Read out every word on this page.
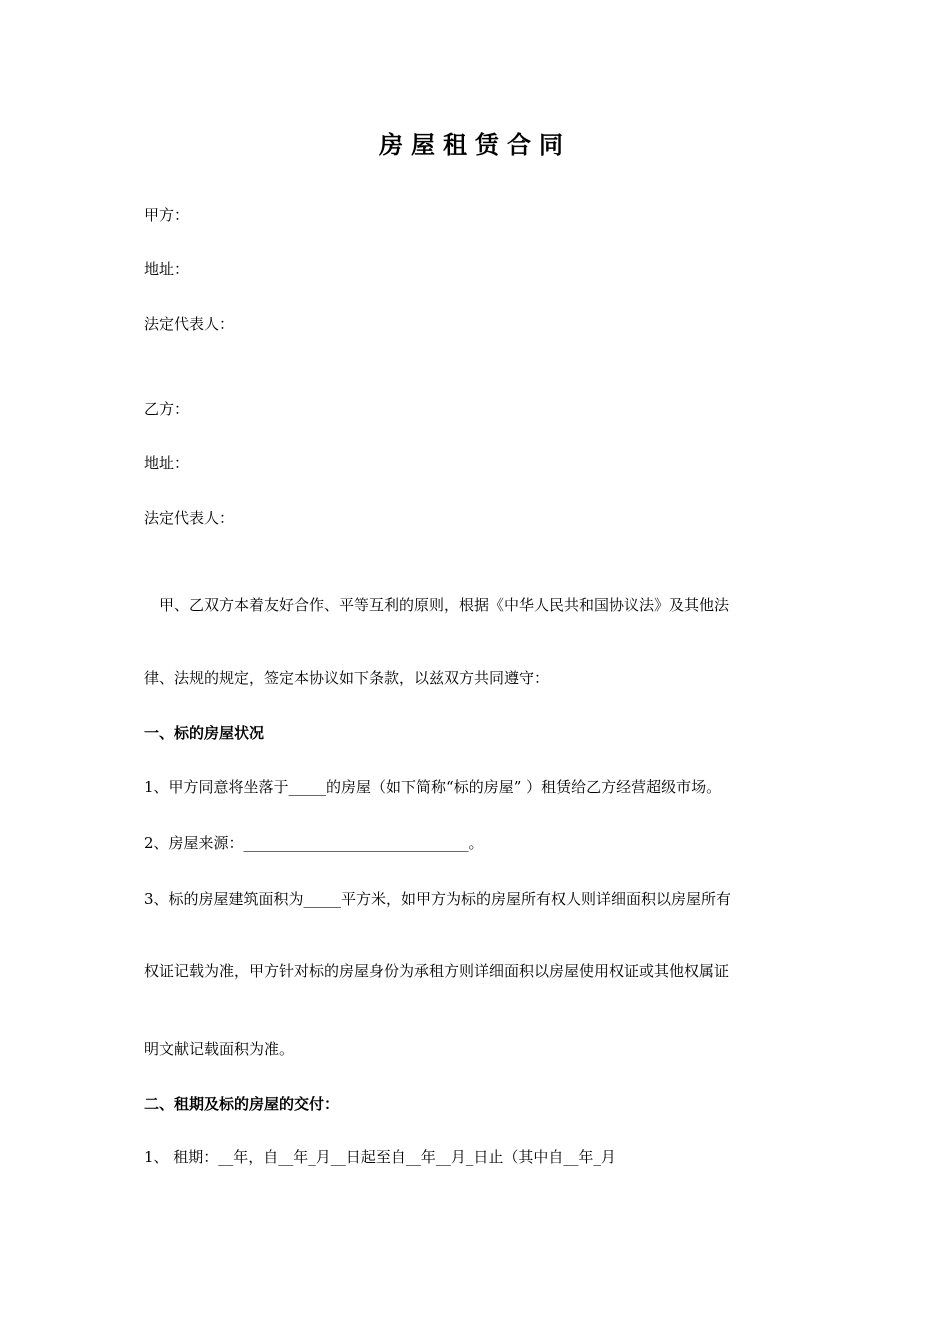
房屋租赁合同
甲方：
地址：
法定代表人：
乙方：
地址：
法定代表人：
　甲、乙双方本着友好合作、平等互利的原则，根据《中华人民共和国协议法》及其他法
律、法规的规定，签定本协议如下条款，以兹双方共同遵守：
一、标的房屋状况
1、甲方同意将坐落于_____的房屋（如下简称“标的房屋” ）租赁给乙方经营超级市场。
2、房屋来源：______________________________。
3、标的房屋建筑面积为_____平方米，如甲方为标的房屋所有权人则详细面积以房屋所有
权证记载为准，甲方针对标的房屋身份为承租方则详细面积以房屋使用权证或其他权属证
明文献记载面积为准。
二、租期及标的房屋的交付：
1、 租期：__年，自__年_月__日起至自__年__月_日止（其中自__年_月
